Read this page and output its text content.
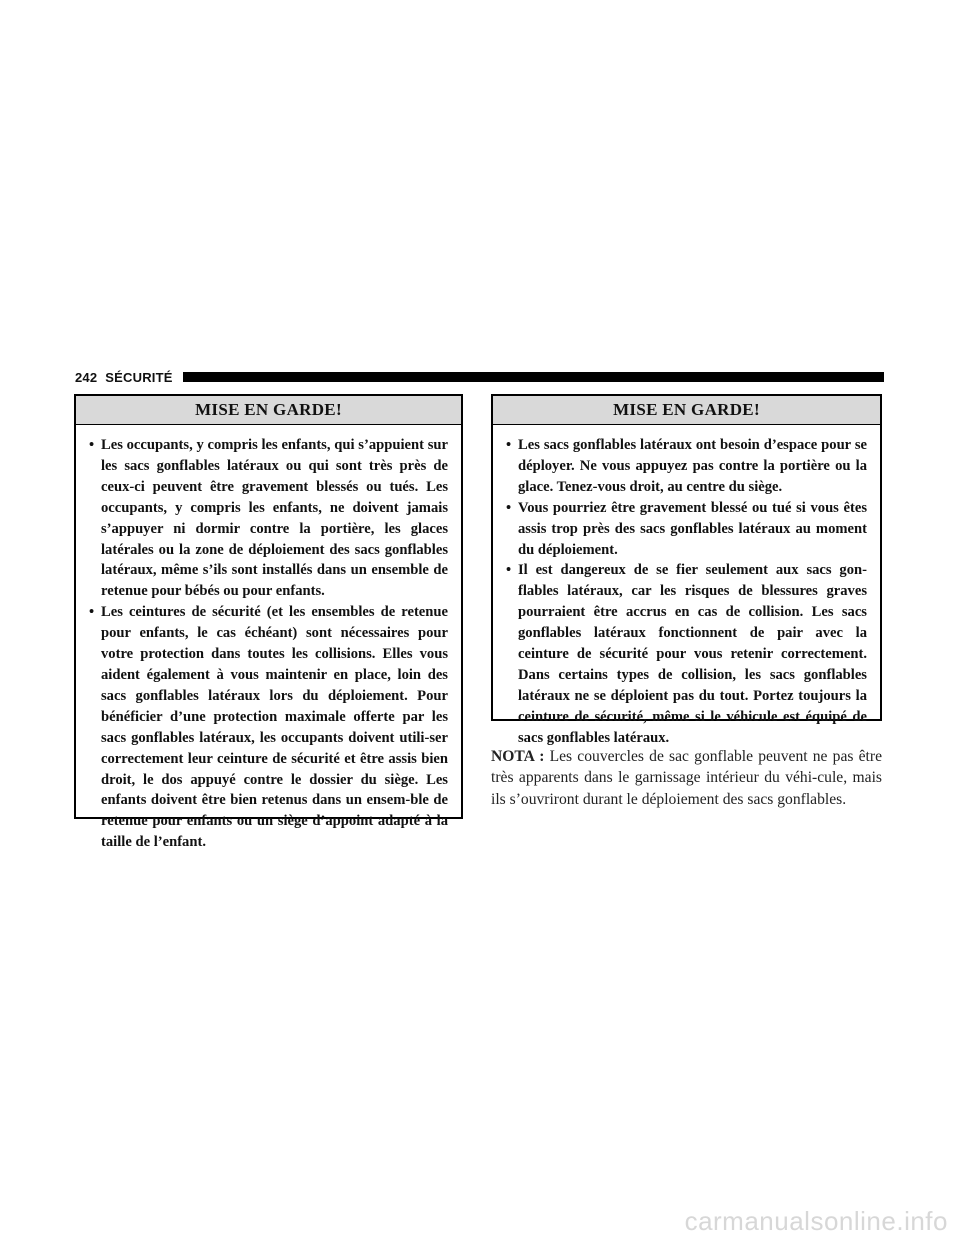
242 SÉCURITÉ
MISE EN GARDE!
• Les occupants, y compris les enfants, qui s’appuient sur les sacs gonflables latéraux ou qui sont très près de ceux-ci peuvent être gravement blessés ou tués. Les occupants, y compris les enfants, ne doivent jamais s’appuyer ni dormir contre la portière, les glaces latérales ou la zone de déploiement des sacs gonflables latéraux, même s’ils sont installés dans un ensemble de retenue pour bébés ou pour enfants.
• Les ceintures de sécurité (et les ensembles de retenue pour enfants, le cas échéant) sont nécessaires pour votre protection dans toutes les collisions. Elles vous aident également à vous maintenir en place, loin des sacs gonflables latéraux lors du déploiement. Pour bénéficier d’une protection maximale offerte par les sacs gonflables latéraux, les occupants doivent utili-ser correctement leur ceinture de sécurité et être assis bien droit, le dos appuyé contre le dossier du siège. Les enfants doivent être bien retenus dans un ensem-ble de retenue pour enfants ou un siège d’appoint adapté à la taille de l’enfant.
MISE EN GARDE!
• Les sacs gonflables latéraux ont besoin d’espace pour se déployer. Ne vous appuyez pas contre la portière ou la glace. Tenez-vous droit, au centre du siège.
• Vous pourriez être gravement blessé ou tué si vous êtes assis trop près des sacs gonflables latéraux au moment du déploiement.
• Il est dangereux de se fier seulement aux sacs gon-flables latéraux, car les risques de blessures graves pourraient être accrus en cas de collision. Les sacs gonflables latéraux fonctionnent de pair avec la ceinture de sécurité pour vous retenir correctement. Dans certains types de collision, les sacs gonflables latéraux ne se déploient pas du tout. Portez toujours la ceinture de sécurité, même si le véhicule est équipé de sacs gonflables latéraux.

NOTA : Les couvercles de sac gonflable peuvent ne pas être très apparents dans le garnissage intérieur du véhi-cule, mais ils s’ouvriront durant le déploiement des sacs gonflables.

carmanualsonline.info
